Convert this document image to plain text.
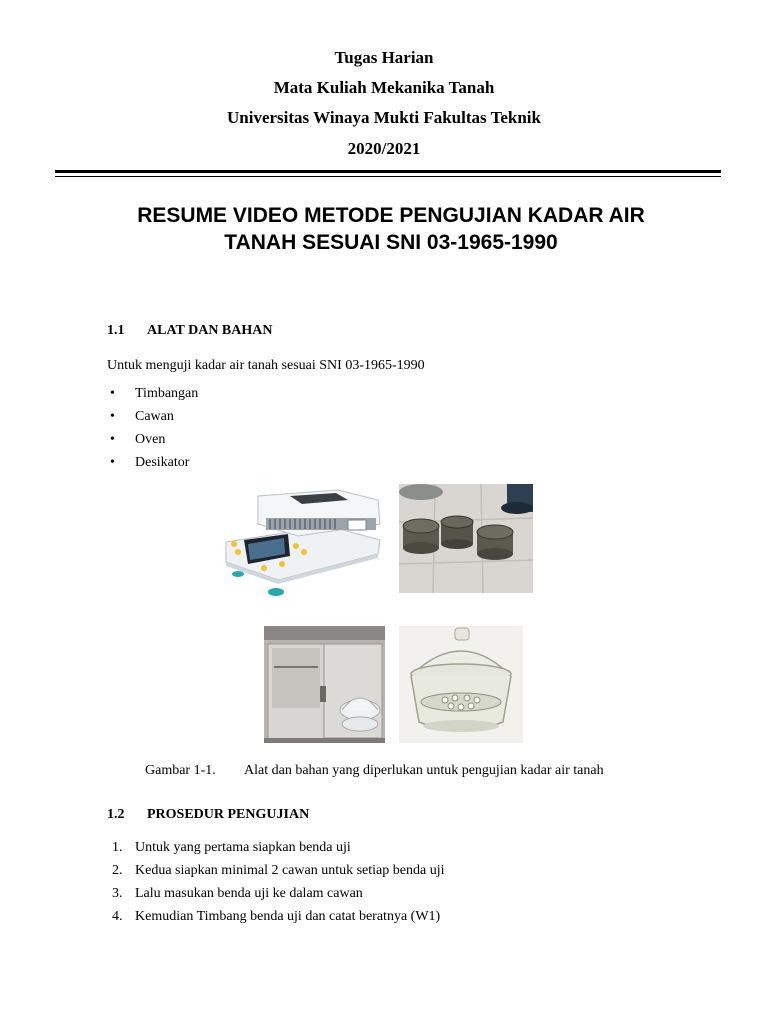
Tugas Harian
Mata Kuliah Mekanika Tanah
Universitas Winaya Mukti Fakultas Teknik
2020/2021
RESUME VIDEO METODE PENGUJIAN KADAR AIR
TANAH SESUAI SNI 03-1965-1990
1.1 ALAT DAN BAHAN
Untuk menguji kadar air tanah sesuai SNI 03-1965-1990
• Timbangan
• Cawan
• Oven
• Desikator
Gambar 1-1. Alat dan bahan yang diperlukan untuk pengujian kadar air tanah
1.2 PROSEDUR PENGUJIAN
1. Untuk yang pertama siapkan benda uji
2. Kedua siapkan minimal 2 cawan untuk setiap benda uji
3. Lalu masukan benda uji ke dalam cawan
4. Kemudian Timbang benda uji dan catat beratnya (W1)
